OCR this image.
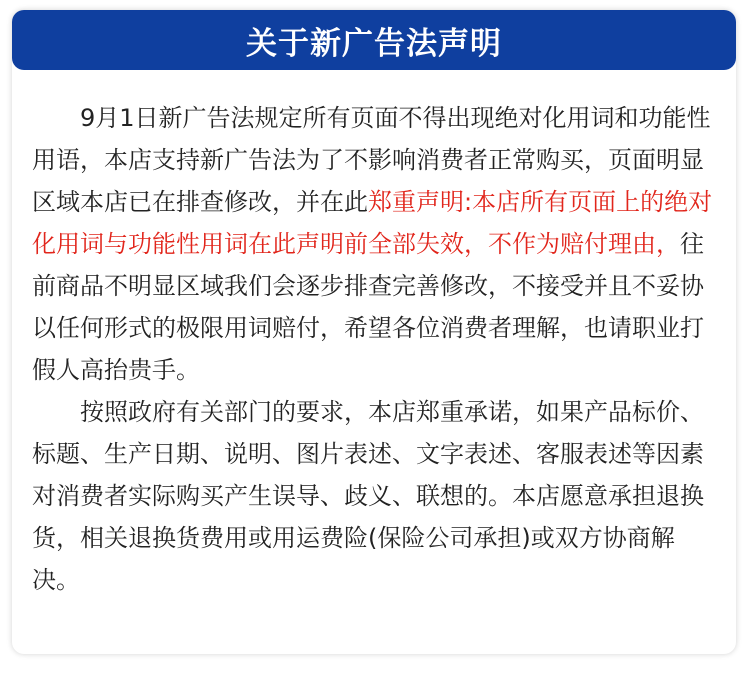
关于新广告法声明

9月1日新广告法规定所有页面不得出现绝对化用词和功能性用语，本店支持新广告法为了不影响消费者正常购买，页面明显区域本店已在排查修改，并在此郑重声明:本店所有页面上的绝对化用词与功能性用词在此声明前全部失效，不作为赔付理由，往前商品不明显区域我们会逐步排查完善修改，不接受并且不妥协以任何形式的极限用词赔付，希望各位消费者理解，也请职业打假人高抬贵手。

按照政府有关部门的要求，本店郑重承诺，如果产品标价、标题、生产日期、说明、图片表述、文字表述、客服表述等因素对消费者实际购买产生误导、歧义、联想的。本店愿意承担退换货，相关退换货费用或用运费险(保险公司承担)或双方协商解决。
